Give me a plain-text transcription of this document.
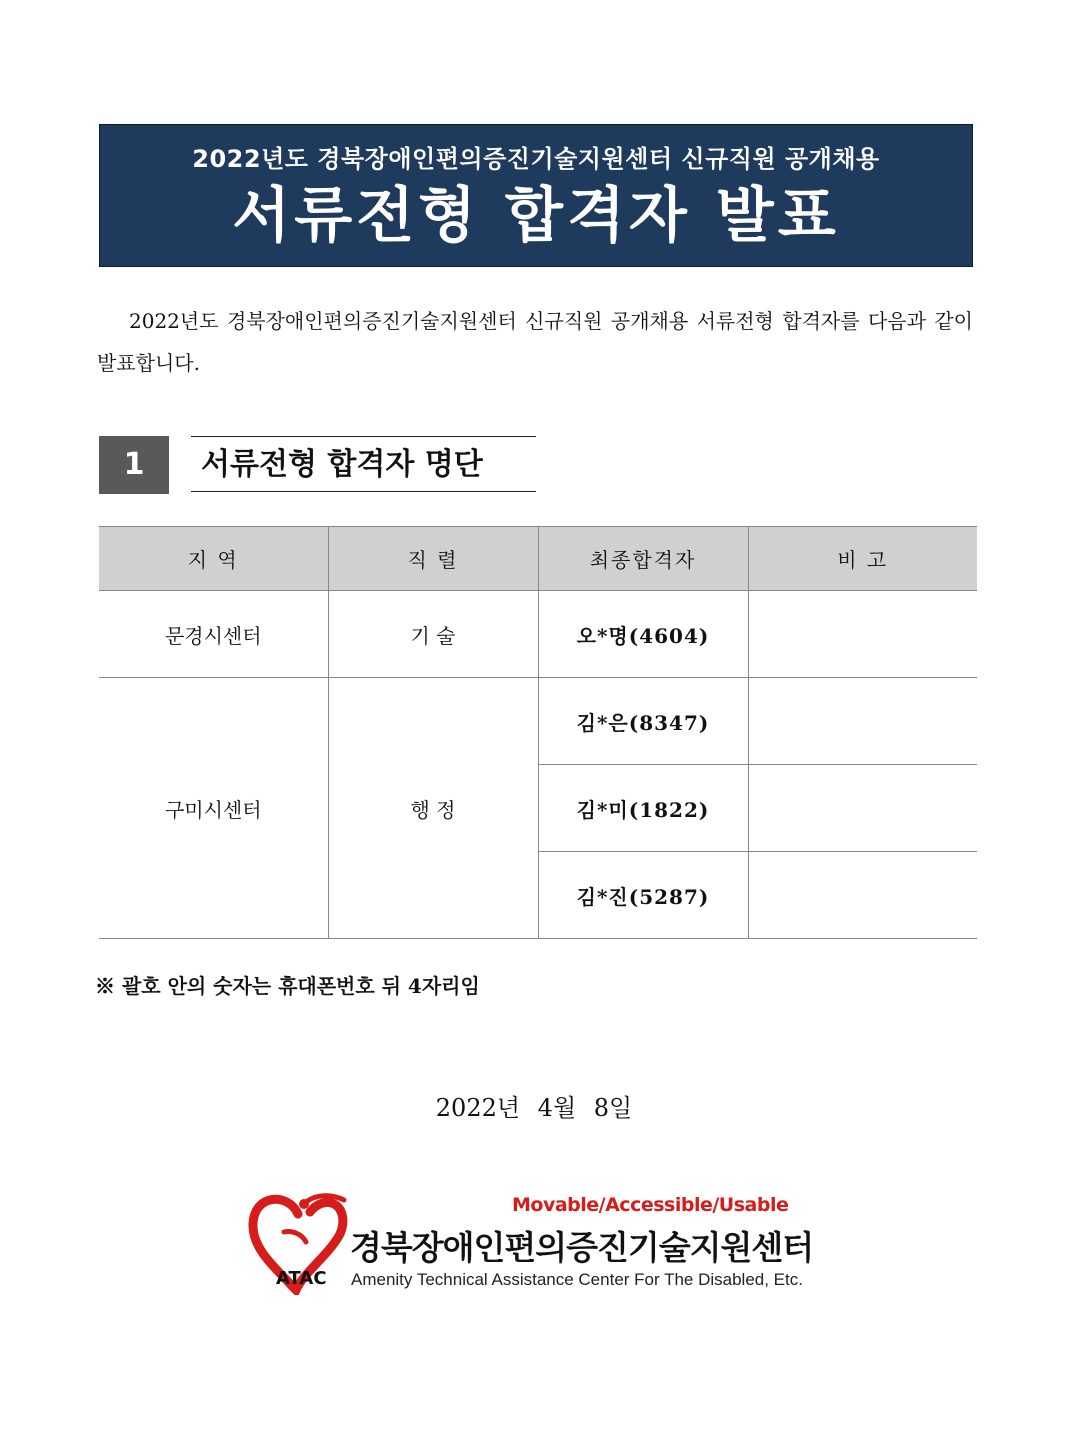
2022년도 경북장애인편의증진기술지원센터 신규직원 공개채용
서류전형 합격자 발표
2022년도 경북장애인편의증진기술지원센터 신규직원 공개채용 서류전형 합격자를 다음과 같이 발표합니다.
1	서류전형 합격자 명단
지 역	직 렬	최종합격자	비 고
문경시센터	기 술	오*명(4604)	
구미시센터	행 정	김*은(8347)	
		김*미(1822)	
		김*진(5287)	
※ 괄호 안의 숫자는 휴대폰번호 뒤 4자리임
2022년 4월 8일
Movable/Accessible/Usable
경북장애인편의증진기술지원센터
ATAC Amenity Technical Assistance Center For The Disabled, Etc.
